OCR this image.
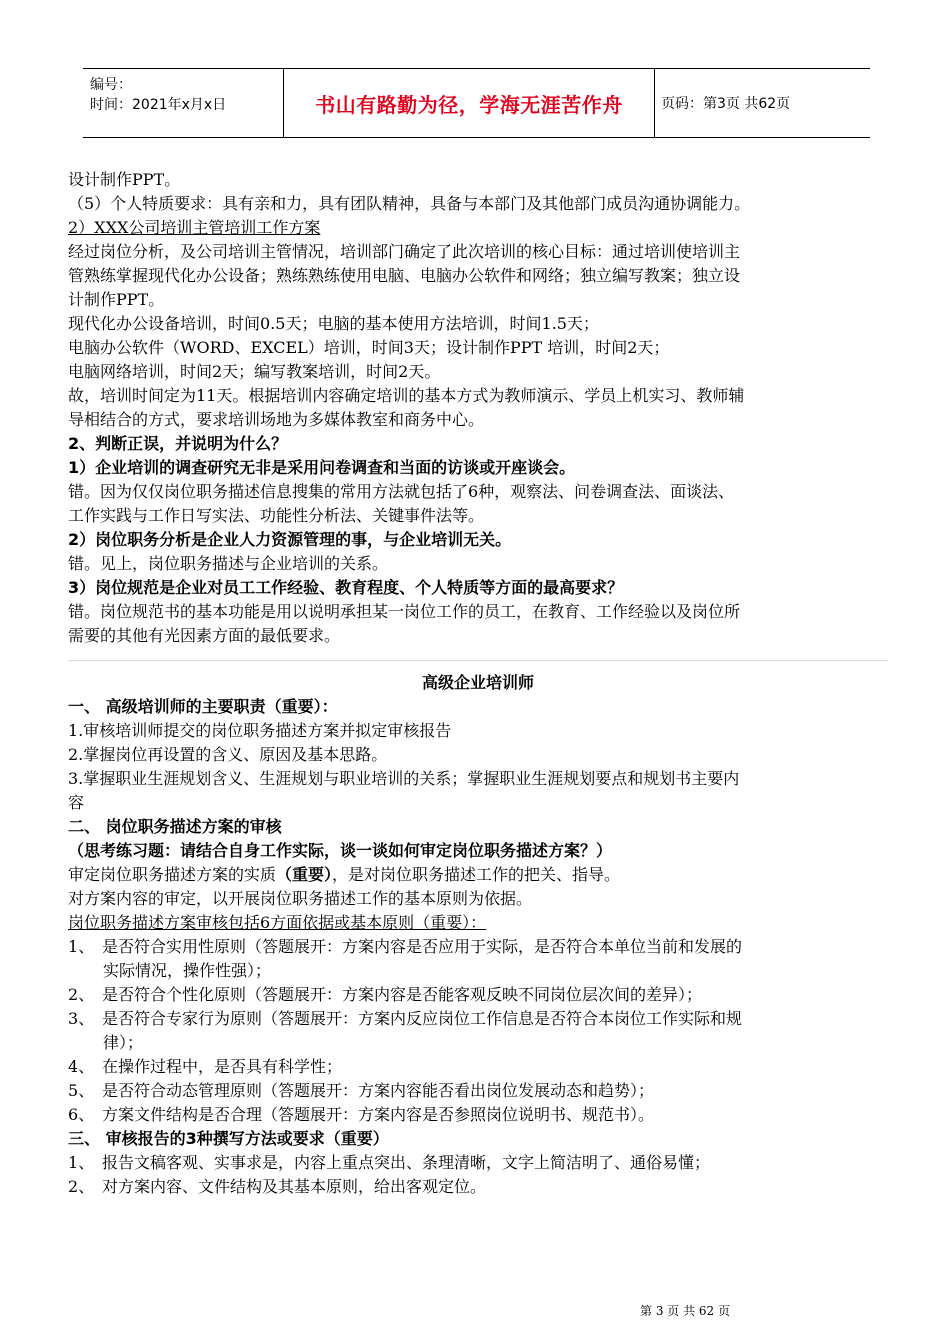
编号：
时间：2021年x月x日	书山有路勤为径，学海无涯苦作舟	页码：第3页 共62页
设计制作PPT。
（5）个人特质要求：具有亲和力，具有团队精神，具备与本部门及其他部门成员沟通协调能力。
2）XXX公司培训主管培训工作方案
经过岗位分析，及公司培训主管情况，培训部门确定了此次培训的核心目标：通过培训使培训主
管熟练掌握现代化办公设备；熟练熟练使用电脑、电脑办公软件和网络；独立编写教案；独立设
计制作PPT。
现代化办公设备培训，时间0.5天；电脑的基本使用方法培训，时间1.5天；
电脑办公软件（WORD、EXCEL）培训，时间3天；设计制作PPT 培训，时间2天；
电脑网络培训，时间2天；编写教案培训，时间2天。
故，培训时间定为11天。根据培训内容确定培训的基本方式为教师演示、学员上机实习、教师辅
导相结合的方式，要求培训场地为多媒体教室和商务中心。
2、判断正误，并说明为什么？
1）企业培训的调查研究无非是采用问卷调查和当面的访谈或开座谈会。
错。因为仅仅岗位职务描述信息搜集的常用方法就包括了6种，观察法、问卷调查法、面谈法、
工作实践与工作日写实法、功能性分析法、关键事件法等。
2）岗位职务分析是企业人力资源管理的事，与企业培训无关。
错。见上，岗位职务描述与企业培训的关系。
3）岗位规范是企业对员工工作经验、教育程度、个人特质等方面的最高要求？
错。岗位规范书的基本功能是用以说明承担某一岗位工作的员工，在教育、工作经验以及岗位所
需要的其他有光因素方面的最低要求。
高级企业培训师
一、 高级培训师的主要职责（重要）：
1.审核培训师提交的岗位职务描述方案并拟定审核报告
2.掌握岗位再设置的含义、原因及基本思路。
3.掌握职业生涯规划含义、生涯规划与职业培训的关系；掌握职业生涯规划要点和规划书主要内
容
二、 岗位职务描述方案的审核
（思考练习题：请结合自身工作实际，谈一谈如何审定岗位职务描述方案？）
审定岗位职务描述方案的实质（重要），是对岗位职务描述工作的把关、指导。
对方案内容的审定，以开展岗位职务描述工作的基本原则为依据。
岗位职务描述方案审核包括6方面依据或基本原则（重要）：
1、 是否符合实用性原则（答题展开：方案内容是否应用于实际，是否符合本单位当前和发展的
实际情况，操作性强）；
2、 是否符合个性化原则（答题展开：方案内容是否能客观反映不同岗位层次间的差异）；
3、 是否符合专家行为原则（答题展开：方案内反应岗位工作信息是否符合本岗位工作实际和规
律）；
4、 在操作过程中，是否具有科学性；
5、 是否符合动态管理原则（答题展开：方案内容能否看出岗位发展动态和趋势）；
6、 方案文件结构是否合理（答题展开：方案内容是否参照岗位说明书、规范书）。
三、 审核报告的3种撰写方法或要求（重要）
1、 报告文稿客观、实事求是，内容上重点突出、条理清晰，文字上简洁明了、通俗易懂；
2、 对方案内容、文件结构及其基本原则，给出客观定位。
第 3 页 共 62 页
